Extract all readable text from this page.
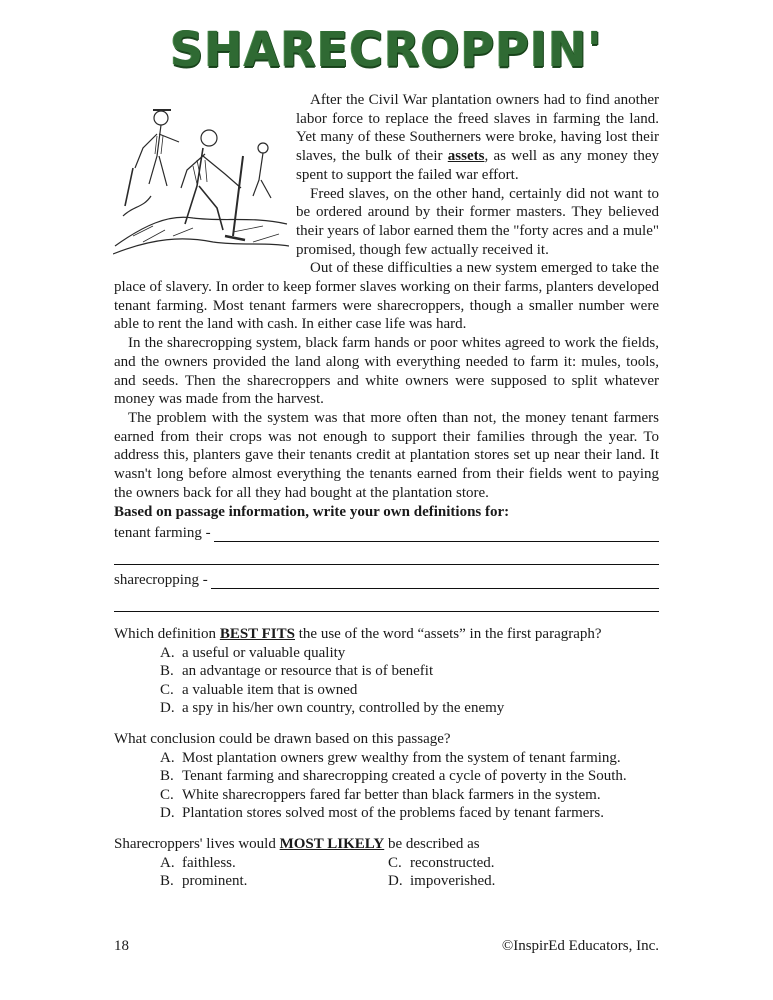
SHARECROPPIN'

After the Civil War plantation owners had to find another labor force to replace the freed slaves in farming the land. Yet many of these Southerners were broke, having lost their slaves, the bulk of their assets, as well as any money they spent to support the failed war effort.

Freed slaves, on the other hand, certainly did not want to be ordered around by their former masters. They believed their years of labor earned them the "forty acres and a mule" promised, though few actually received it.

Out of these difficulties a new system emerged to take the place of slavery. In order to keep former slaves working on their farms, planters developed tenant farming. Most tenant farmers were sharecroppers, though a smaller number were able to rent the land with cash. In either case life was hard.

In the sharecropping system, black farm hands or poor whites agreed to work the fields, and the owners provided the land along with everything needed to farm it: mules, tools, and seeds. Then the sharecroppers and white owners were supposed to split whatever money was made from the harvest.

The problem with the system was that more often than not, the money tenant farmers earned from their crops was not enough to support their families through the year. To address this, planters gave their tenants credit at plantation stores set up near their land. It wasn't long before almost everything the tenants earned from their fields went to paying the owners back for all they had bought at the plantation store.

Based on passage information, write your own definitions for:
tenant farming -
sharecropping -

Which definition BEST FITS the use of the word “assets” in the first paragraph?

A. a useful or valuable quality
B. an advantage or resource that is of benefit
C. a valuable item that is owned
D. a spy in his/her own country, controlled by the enemy

What conclusion could be drawn based on this passage?

A. Most plantation owners grew wealthy from the system of tenant farming.
B. Tenant farming and sharecropping created a cycle of poverty in the South.
C. White sharecroppers fared far better than black farmers in the system.
D. Plantation stores solved most of the problems faced by tenant farmers.

Sharecroppers' lives would MOST LIKELY be described as

A. faithless.	C. reconstructed.
B. prominent.	D. impoverished.
18	©InspirEd Educators, Inc.
